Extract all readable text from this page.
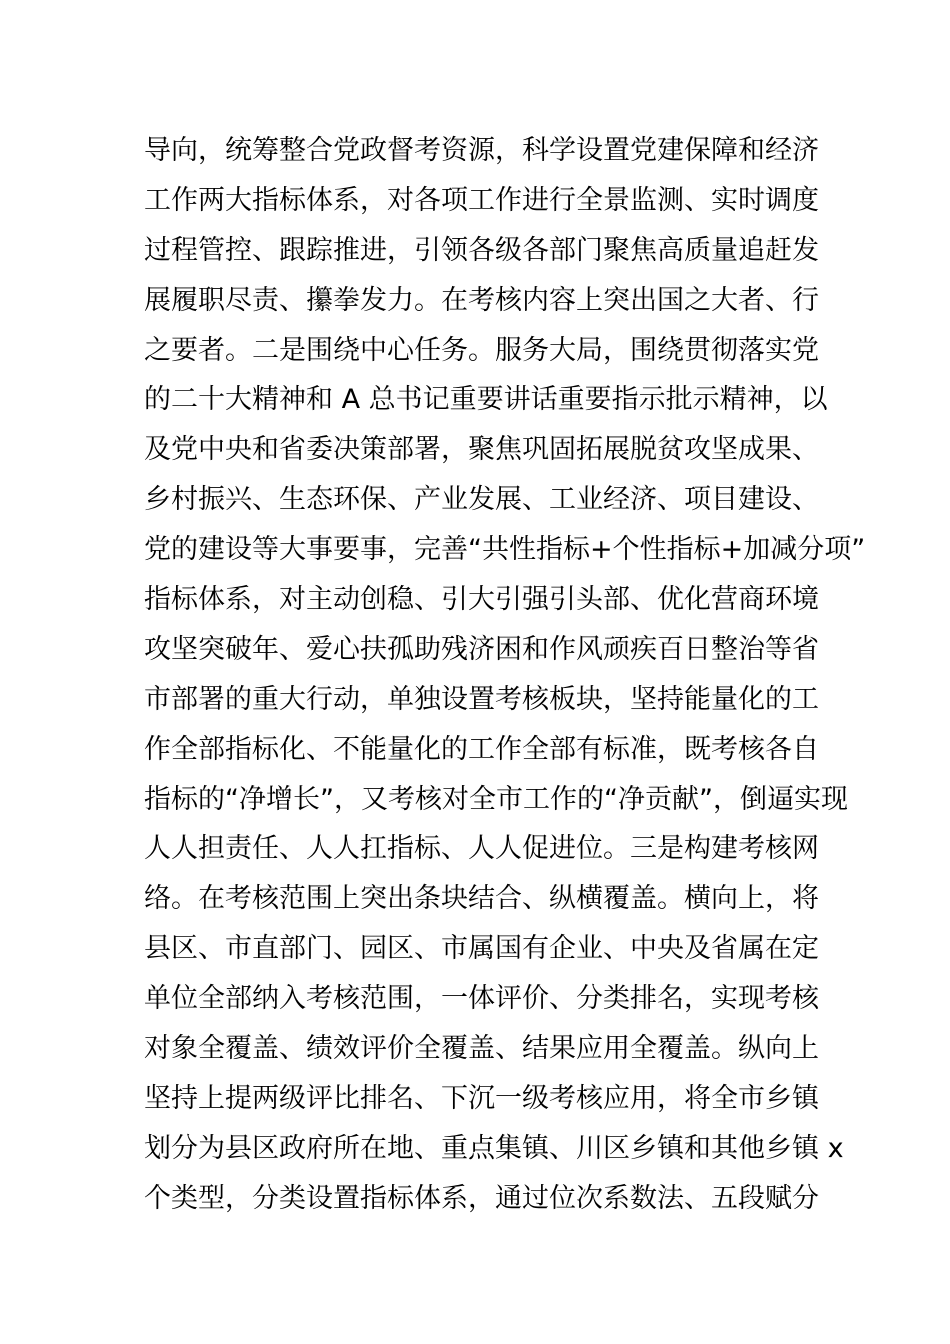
导向，统筹整合党政督考资源，科学设置党建保障和经济
工作两大指标体系，对各项工作进行全景监测、实时调度
过程管控、跟踪推进，引领各级各部门聚焦高质量追赶发
展履职尽责、攥拳发力。在考核内容上突出国之大者、行
之要者。二是围绕中心任务。服务大局，围绕贯彻落实党
的二十大精神和 A 总书记重要讲话重要指示批示精神，以
及党中央和省委决策部署，聚焦巩固拓展脱贫攻坚成果、
乡村振兴、生态环保、产业发展、工业经济、项目建设、
党的建设等大事要事，完善“共性指标+个性指标+加减分项”
指标体系，对主动创稳、引大引强引头部、优化营商环境
攻坚突破年、爱心扶孤助残济困和作风顽疾百日整治等省
市部署的重大行动，单独设置考核板块，坚持能量化的工
作全部指标化、不能量化的工作全部有标准，既考核各自
指标的“净增长”，又考核对全市工作的“净贡献”，倒逼实现
人人担责任、人人扛指标、人人促进位。三是构建考核网
络。在考核范围上突出条块结合、纵横覆盖。横向上，将
县区、市直部门、园区、市属国有企业、中央及省属在定
单位全部纳入考核范围，一体评价、分类排名，实现考核
对象全覆盖、绩效评价全覆盖、结果应用全覆盖。纵向上
坚持上提两级评比排名、下沉一级考核应用，将全市乡镇
划分为县区政府所在地、重点集镇、川区乡镇和其他乡镇 x
个类型，分类设置指标体系，通过位次系数法、五段赋分
